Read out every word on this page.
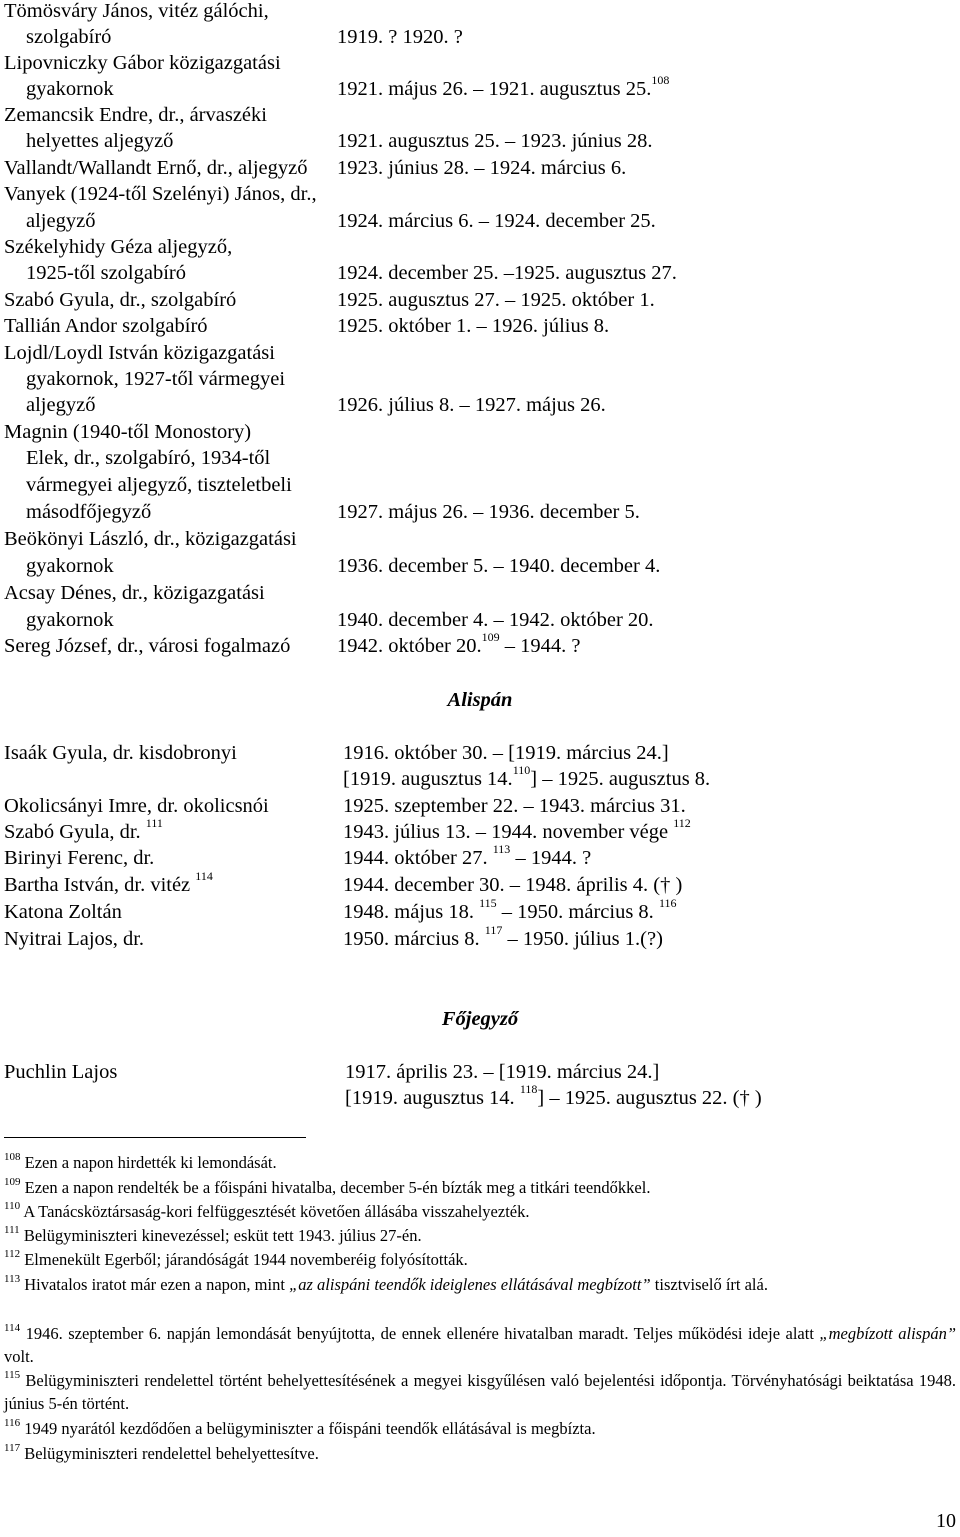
Tömösváry János, vitéz gálóchi,
szolgabíró	1919. ? 1920. ?
Lipovniczky Gábor közigazgatási
gyakornok	1921. május 26. – 1921. augusztus 25.$^{108}$
Zemancsik Endre, dr., árvaszéki
helyettes aljegyző	1921. augusztus 25. – 1923. június 28.
Vallandt/Wallandt Ernő, dr., aljegyző 1923. június 28. – 1924. március 6.
Vanyek (1924-től Szelényi) János, dr.,
aljegyző	1924. március 6. – 1924. december 25.
Székelyhidy Géza aljegyző,
1925-től szolgabíró	1924. december 25. –1925. augusztus 27.
Szabó Gyula, dr., szolgabíró	1925. augusztus 27. – 1925. október 1.
Tallián Andor szolgabíró	1925. október 1. – 1926. július 8.
Lojdl/Loydl István közigazgatási
gyakornok, 1927-től vármegyei
aljegyző	1926. július 8. – 1927. május 26.
Magnin (1940-től Monostory)
Elek, dr., szolgabíró, 1934-től
vármegyei aljegyző, tiszteletbeli
másodfőjegyző	1927. május 26. – 1936. december 5.
Beökönyi László, dr., közigazgatási
gyakornok	1936. december 5. – 1940. december 4.
Acsay Dénes, dr., közigazgatási
gyakornok	1940. december 4. – 1942. október 20.
Sereg József, dr., városi fogalmazó 1942. október 20.$^{109}$ – 1944. ?
Alispán
Isaák Gyula, dr. kisdobronyi	1916. október 30. – [1919. március 24.]
[1919. augusztus 14.$^{110}$] – 1925. augusztus 8.
Okolicsányi Imre, dr. okolicsnói	1925. szeptember 22. – 1943. március 31.
Szabó Gyula, dr. $^{111}$	1943. július 13. – 1944. november vége $^{112}$
Birinyi Ferenc, dr.	1944. október 27. $^{113}$ – 1944. ?
Bartha István, dr. vitéz $^{114}$	1944. december 30. – 1948. április 4. († )
Katona Zoltán	1948. május 18. $^{115}$ – 1950. március 8. $^{116}$
Nyitrai Lajos, dr.	1950. március 8. $^{117}$ – 1950. július 1.(?)
Főjegyző
Puchlin Lajos	1917. április 23. – [1919. március 24.]
[1919. augusztus 14. $^{118}$] – 1925. augusztus 22. († )
$^{108}$ Ezen a napon hirdették ki lemondását.
$^{109}$ Ezen a napon rendelték be a főispáni hivatalba, december 5-én bízták meg a titkári teendőkkel.
$^{110}$ A Tanácsköztársaság-kori felfüggesztését követően állásába visszahelyezték.
$^{111}$ Belügyminiszteri kinevezéssel; esküt tett 1943. július 27-én.
$^{112}$ Elmenekült Egerből; járandóságát 1944 novemberéig folyósították.
$^{113}$ Hivatalos iratot már ezen a napon, mint „az alispáni teendők ideiglenes ellátásával megbízott” tisztviselő írt alá.
$^{114}$ 1946. szeptember 6. napján lemondását benyújtotta, de ennek ellenére hivatalban maradt. Teljes működési ideje alatt „megbízott alispán” volt.
$^{115}$ Belügyminiszteri rendelettel történt behelyettesítésének a megyei kisgyűlésen való bejelentési időpontja. Törvényhatósági beiktatása 1948. június 5-én történt.
$^{116}$ 1949 nyarától kezdődően a belügyminiszter a főispáni teendők ellátásával is megbízta.
$^{117}$ Belügyminiszteri rendelettel behelyettesítve.
10
